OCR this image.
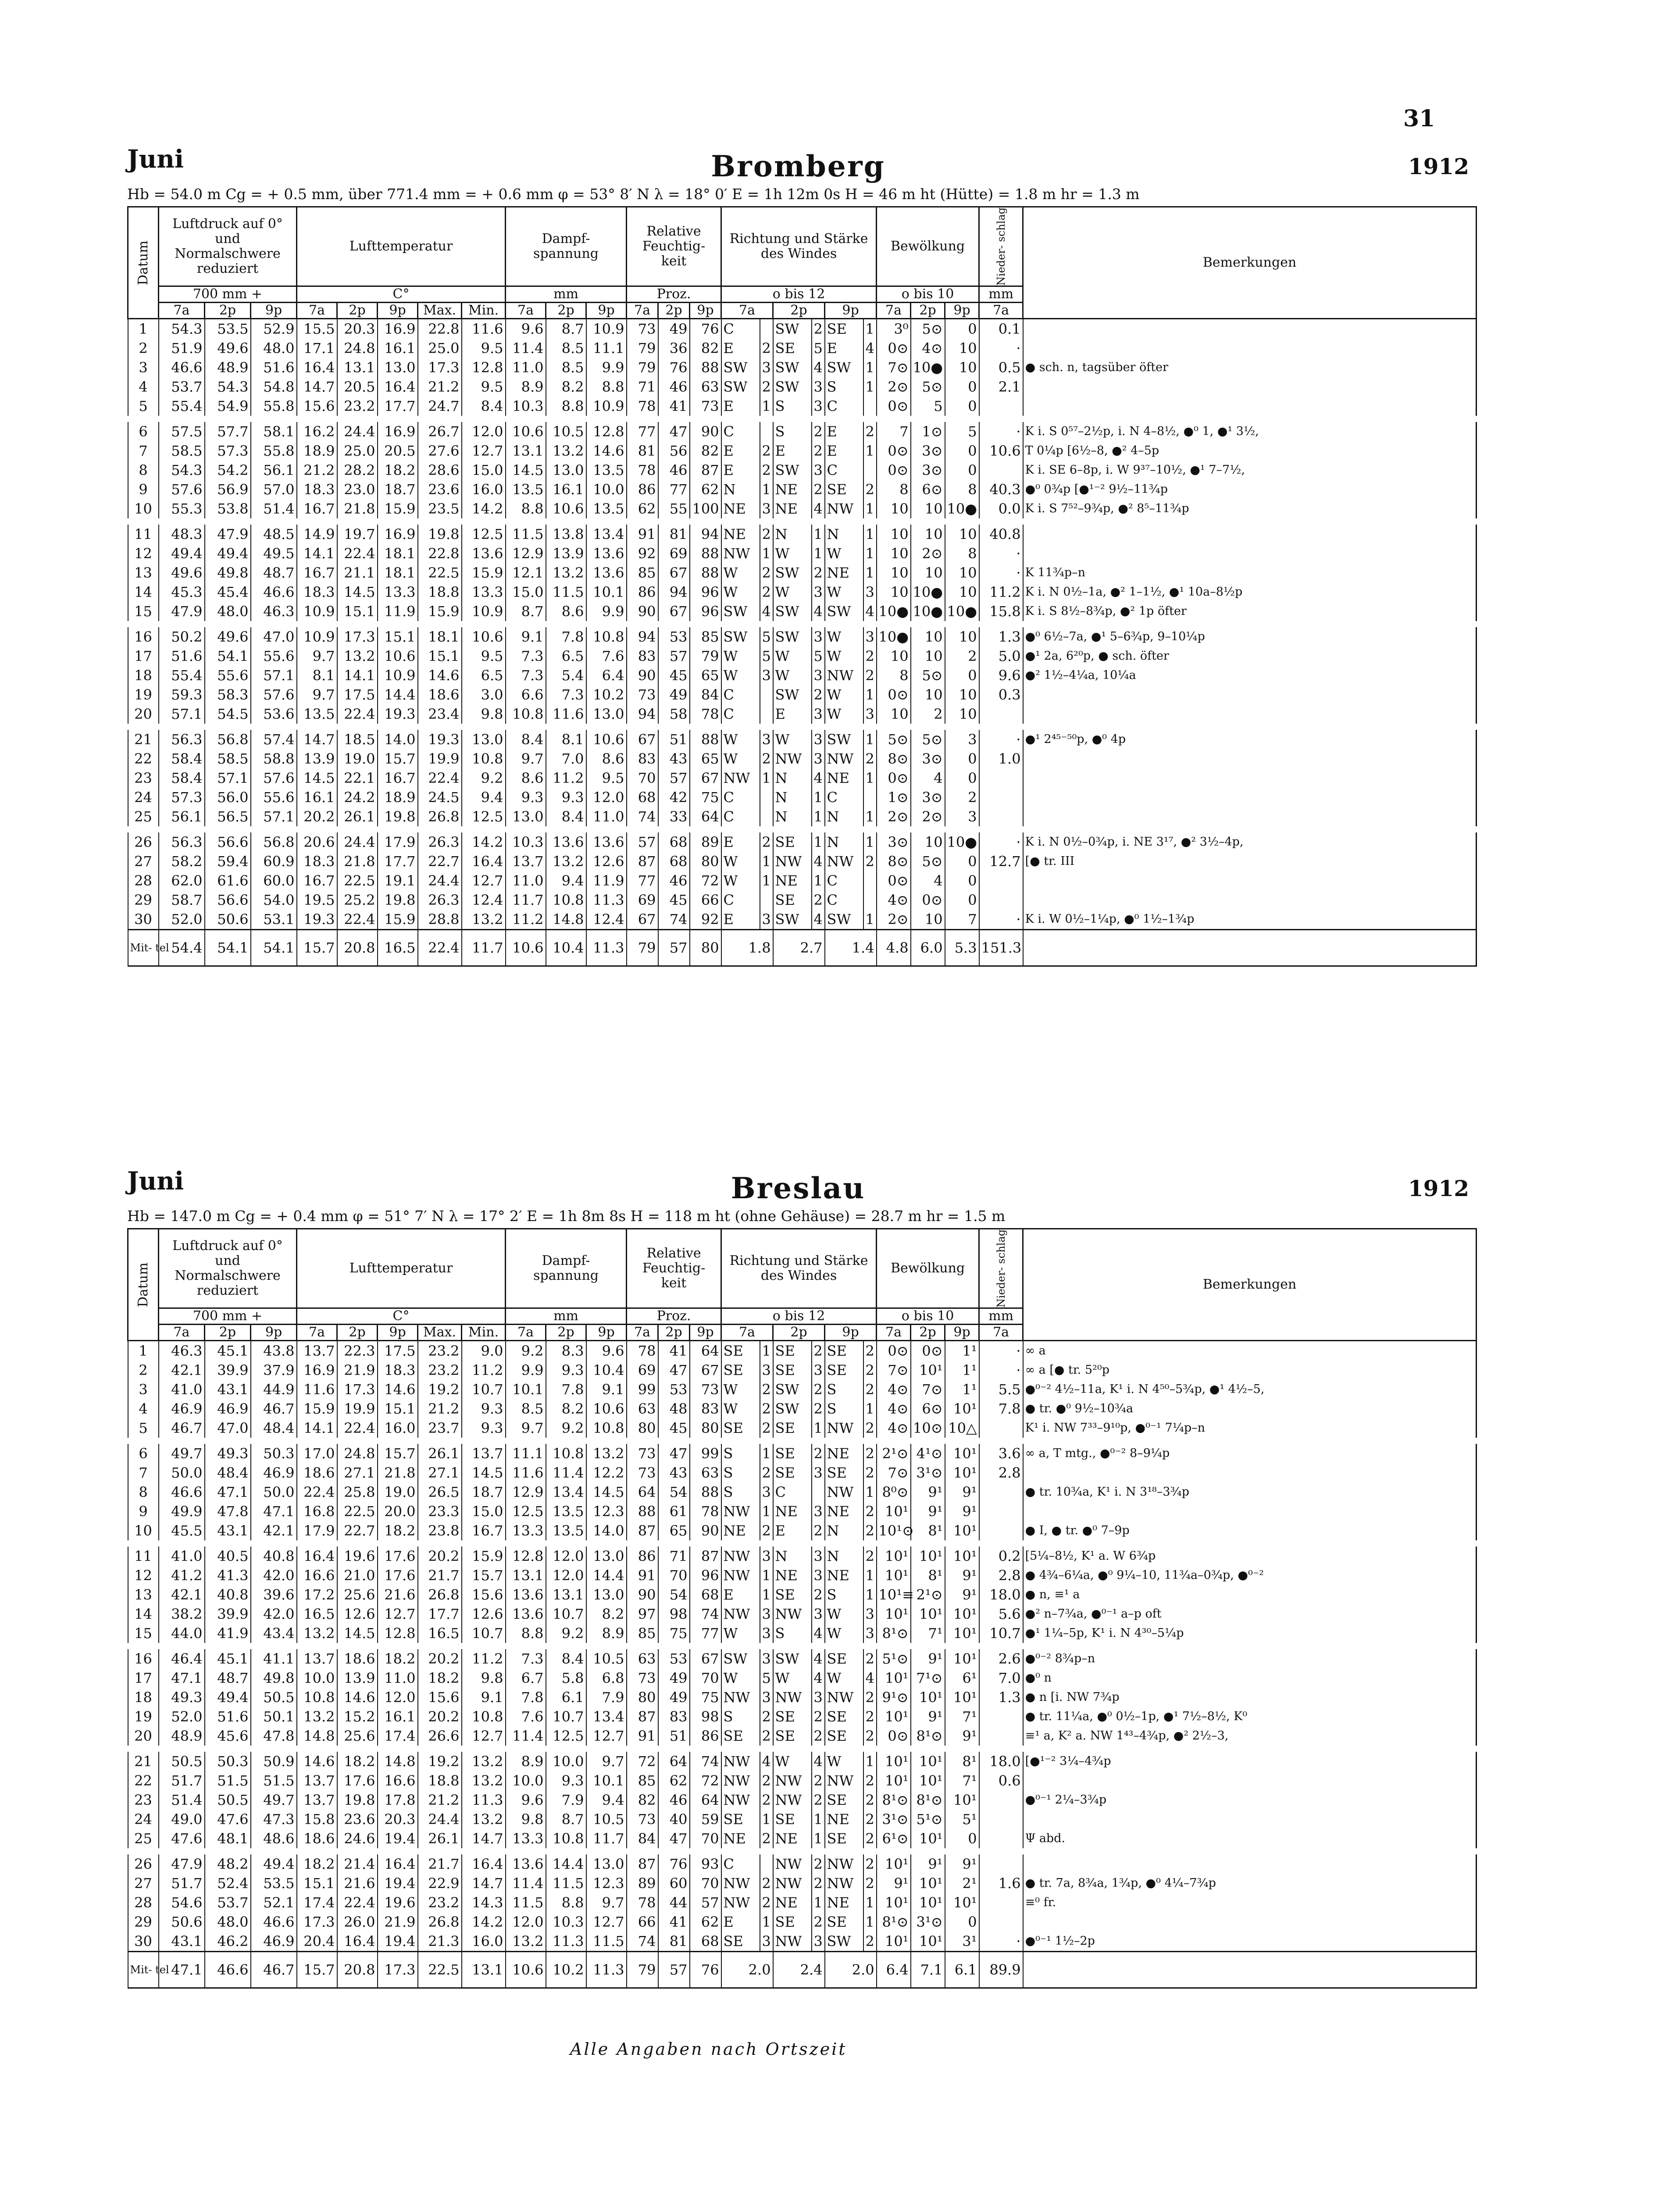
31
Juni	Bromberg	1912
Hb = 54.0 m Cg = + 0.5 mm, über 771.4 mm = + 0.6 mm φ = 53° 8′ N λ = 18° 0′ E = 1h 12m 0s H = 46 m ht (Hütte) = 1.8 m hr = 1.3 m
Datum	Luftdruck auf 0° und Normalschwere reduziert			Lufttemperatur					Dampf- spannung			Relative Feuchtig- keit			Richtung und Stärke des Windes						Bewölkung			Nieder- schlag	Bemerkungen
	700 mm +			C°					mm			Proz.			o bis 12						o bis 10			mm	
	7a	2p	9p	7a	2p	9p	Max.	Min.	7a	2p	9p	7a	2p	9p	7a		2p		9p		7a	2p	9p	7a	
1	54.3	53.5	52.9	15.5	20.3	16.9	22.8	11.6	9.6	8.7	10.9	73	49	76	C		SW	2	SE	1	3⁰	5⊙	0	0.1	
2	51.9	49.6	48.0	17.1	24.8	16.1	25.0	9.5	11.4	8.5	11.1	79	36	82	E	2	SE	5	E	4	0⊙	4⊙	10	·	
3	46.6	48.9	51.6	16.4	13.1	13.0	17.3	12.8	11.0	8.5	9.9	79	76	88	SW	3	SW	4	SW	1	7⊙	10●	10	0.5	● sch. n, tagsüber öfter
4	53.7	54.3	54.8	14.7	20.5	16.4	21.2	9.5	8.9	8.2	8.8	71	46	63	SW	2	SW	3	S	1	2⊙	5⊙	0	2.1	
5	55.4	54.9	55.8	15.6	23.2	17.7	24.7	8.4	10.3	8.8	10.9	78	41	73	E	1	S	3	C		0⊙	5	0		
6	57.5	57.7	58.1	16.2	24.4	16.9	26.7	12.0	10.6	10.5	12.8	77	47	90	C		S	2	E	2	7	1⊙	5	·	K i. S 0⁵⁷–2½p, i. N 4–8½, ●⁰ 1, ●¹ 3½,
7	58.5	57.3	55.8	18.9	25.0	20.5	27.6	12.7	13.1	13.2	14.6	81	56	82	E	2	E	2	E	1	0⊙	3⊙	0	10.6	T 0¼p [6½–8, ●² 4–5p
8	54.3	54.2	56.1	21.2	28.2	18.2	28.6	15.0	14.5	13.0	13.5	78	46	87	E	2	SW	3	C		0⊙	3⊙	0		K i. SE 6–8p, i. W 9³⁷–10½, ●¹ 7–7½,
9	57.6	56.9	57.0	18.3	23.0	18.7	23.6	16.0	13.5	16.1	10.0	86	77	62	N	1	NE	2	SE	2	8	6⊙	8	40.3	●⁰ 0¾p [●¹⁻² 9½–11¾p
10	55.3	53.8	51.4	16.7	21.8	15.9	23.5	14.2	8.8	10.6	13.5	62	55	100	NE	3	NE	4	NW	1	10	10	10●	0.0	K i. S 7⁵²–9¾p, ●² 8⁵–11¾p
11	48.3	47.9	48.5	14.9	19.7	16.9	19.8	12.5	11.5	13.8	13.4	91	81	94	NE	2	N	1	N	1	10	10	10	40.8	
12	49.4	49.4	49.5	14.1	22.4	18.1	22.8	13.6	12.9	13.9	13.6	92	69	88	NW	1	W	1	W	1	10	2⊙	8	·	
13	49.6	49.8	48.7	16.7	21.1	18.1	22.5	15.9	12.1	13.2	13.6	85	67	88	W	2	SW	2	NE	1	10	10	10	·	K 11¾p–n
14	45.3	45.4	46.6	18.3	14.5	13.3	18.8	13.3	15.0	11.5	10.1	86	94	96	W	2	W	3	W	3	10	10●	10	11.2	K i. N 0½–1a, ●² 1–1½, ●¹ 10a–8½p
15	47.9	48.0	46.3	10.9	15.1	11.9	15.9	10.9	8.7	8.6	9.9	90	67	96	SW	4	SW	4	SW	4	10●	10●	10●	15.8	K i. S 8½–8¾p, ●² 1p öfter
16	50.2	49.6	47.0	10.9	17.3	15.1	18.1	10.6	9.1	7.8	10.8	94	53	85	SW	5	SW	3	W	3	10●	10	10	1.3	●⁰ 6½–7a, ●¹ 5–6¾p, 9–10¼p
17	51.6	54.1	55.6	9.7	13.2	10.6	15.1	9.5	7.3	6.5	7.6	83	57	79	W	5	W	5	W	2	10	10	2	5.0	●¹ 2a, 6²⁰p, ● sch. öfter
18	55.4	55.6	57.1	8.1	14.1	10.9	14.6	6.5	7.3	5.4	6.4	90	45	65	W	3	W	3	NW	2	8	5⊙	0	9.6	●² 1½–4¼a, 10¼a
19	59.3	58.3	57.6	9.7	17.5	14.4	18.6	3.0	6.6	7.3	10.2	73	49	84	C		SW	2	W	1	0⊙	10	10	0.3	
20	57.1	54.5	53.6	13.5	22.4	19.3	23.4	9.8	10.8	11.6	13.0	94	58	78	C		E	3	W	3	10	2	10		
21	56.3	56.8	57.4	14.7	18.5	14.0	19.3	13.0	8.4	8.1	10.6	67	51	88	W	3	W	3	SW	1	5⊙	5⊙	3	·	●¹ 2⁴⁵⁻⁵⁰p, ●⁰ 4p
22	58.4	58.5	58.8	13.9	19.0	15.7	19.9	10.8	9.7	7.0	8.6	83	43	65	W	2	NW	3	NW	2	8⊙	3⊙	0	1.0	
23	58.4	57.1	57.6	14.5	22.1	16.7	22.4	9.2	8.6	11.2	9.5	70	57	67	NW	1	N	4	NE	1	0⊙	4	0		
24	57.3	56.0	55.6	16.1	24.2	18.9	24.5	9.4	9.3	9.3	12.0	68	42	75	C		N	1	C		1⊙	3⊙	2		
25	56.1	56.5	57.1	20.2	26.1	19.8	26.8	12.5	13.0	8.4	11.0	74	33	64	C		N	1	N	1	2⊙	2⊙	3		
26	56.3	56.6	56.8	20.6	24.4	17.9	26.3	14.2	10.3	13.6	13.6	57	68	89	E	2	SE	1	N	1	3⊙	10	10●	·	K i. N 0½–0¾p, i. NE 3¹⁷, ●² 3½–4p,
27	58.2	59.4	60.9	18.3	21.8	17.7	22.7	16.4	13.7	13.2	12.6	87	68	80	W	1	NW	4	NW	2	8⊙	5⊙	0	12.7	[● tr. III
28	62.0	61.6	60.0	16.7	22.5	19.1	24.4	12.7	11.0	9.4	11.9	77	46	72	W	1	NE	1	C		0⊙	4	0		
29	58.7	56.6	54.0	19.5	25.2	19.8	26.3	12.4	11.7	10.8	11.3	69	45	66	C		SE	2	C		4⊙	0⊙	0		
30	52.0	50.6	53.1	19.3	22.4	15.9	28.8	13.2	11.2	14.8	12.4	67	74	92	E	3	SW	4	SW	1	2⊙	10	7	·	K i. W 0½–1¼p, ●⁰ 1½–1¾p
Mit- tel	54.4	54.1	54.1	15.7	20.8	16.5	22.4	11.7	10.6	10.4	11.3	79	57	80	1.8		2.7		1.4		4.8	6.0	5.3	151.3	
Juni	Breslau	1912
Hb = 147.0 m Cg = + 0.4 mm φ = 51° 7′ N λ = 17° 2′ E = 1h 8m 8s H = 118 m ht (ohne Gehäuse) = 28.7 m hr = 1.5 m
Datum	Luftdruck auf 0° und Normalschwere reduziert			Lufttemperatur					Dampf- spannung			Relative Feuchtig- keit			Richtung und Stärke des Windes						Bewölkung			Nieder- schlag	Bemerkungen
	700 mm +			C°					mm			Proz.			o bis 12						o bis 10			mm	
	7a	2p	9p	7a	2p	9p	Max.	Min.	7a	2p	9p	7a	2p	9p	7a		2p		9p		7a	2p	9p	7a	
1	46.3	45.1	43.8	13.7	22.3	17.5	23.2	9.0	9.2	8.3	9.6	78	41	64	SE	1	SE	2	SE	2	0⊙	0⊙	1¹	·	∞ a
2	42.1	39.9	37.9	16.9	21.9	18.3	23.2	11.2	9.9	9.3	10.4	69	47	67	SE	3	SE	3	SE	2	7⊙	10¹	1¹	·	∞ a [● tr. 5²⁰p
3	41.0	43.1	44.9	11.6	17.3	14.6	19.2	10.7	10.1	7.8	9.1	99	53	73	W	2	SW	2	S	2	4⊙	7⊙	1¹	5.5	●⁰⁻² 4½–11a, K¹ i. N 4⁵⁰–5¾p, ●¹ 4½–5,
4	46.9	46.9	46.7	15.9	19.9	15.1	21.2	9.3	8.5	8.2	10.6	63	48	83	W	2	SW	2	S	1	4⊙	6⊙	10¹	7.8	● tr. ●⁰ 9½–10¾a
5	46.7	47.0	48.4	14.1	22.4	16.0	23.7	9.3	9.7	9.2	10.8	80	45	80	SE	2	SE	1	NW	2	4⊙	10⊙	10△		K¹ i. NW 7³³–9¹⁰p, ●⁰⁻¹ 7¼p–n
6	49.7	49.3	50.3	17.0	24.8	15.7	26.1	13.7	11.1	10.8	13.2	73	47	99	S	1	SE	2	NE	2	2¹⊙	4¹⊙	10¹	3.6	∞ a, T mtg., ●⁰⁻² 8–9¼p
7	50.0	48.4	46.9	18.6	27.1	21.8	27.1	14.5	11.6	11.4	12.2	73	43	63	S	2	SE	3	SE	2	7⊙	3¹⊙	10¹	2.8	
8	46.6	47.1	50.0	22.4	25.8	19.0	26.5	18.7	12.9	13.4	14.5	64	54	88	S	3	C		NW	1	8⁰⊙	9¹	9¹		● tr. 10¾a, K¹ i. N 3¹⁸–3¾p
9	49.9	47.8	47.1	16.8	22.5	20.0	23.3	15.0	12.5	13.5	12.3	88	61	78	NW	1	NE	3	NE	2	10¹	9¹	9¹		
10	45.5	43.1	42.1	17.9	22.7	18.2	23.8	16.7	13.3	13.5	14.0	87	65	90	NE	2	E	2	N	2	10¹⊙	8¹	10¹		● I, ● tr. ●⁰ 7–9p
11	41.0	40.5	40.8	16.4	19.6	17.6	20.2	15.9	12.8	12.0	13.0	86	71	87	NW	3	N	3	N	2	10¹	10¹	10¹	0.2	[5¼–8½, K¹ a. W 6¾p
12	41.2	41.3	42.0	16.6	21.0	17.6	21.7	15.7	13.1	12.0	14.4	91	70	96	NW	1	NE	3	NE	1	10¹	8¹	9¹	2.8	● 4¾–6¼a, ●⁰ 9¼–10, 11¾a–0¾p, ●⁰⁻²
13	42.1	40.8	39.6	17.2	25.6	21.6	26.8	15.6	13.6	13.1	13.0	90	54	68	E	1	SE	2	S	1	10¹≡	2¹⊙	9¹	18.0	● n, ≡¹ a
14	38.2	39.9	42.0	16.5	12.6	12.7	17.7	12.6	13.6	10.7	8.2	97	98	74	NW	3	NW	3	W	3	10¹	10¹	10¹	5.6	●² n–7¾a, ●⁰⁻¹ a–p oft
15	44.0	41.9	43.4	13.2	14.5	12.8	16.5	10.7	8.8	9.2	8.9	85	75	77	W	3	S	4	W	3	8¹⊙	7¹	10¹	10.7	●¹ 1¼–5p, K¹ i. N 4³⁰–5¼p
16	46.4	45.1	41.1	13.7	18.6	18.2	20.2	11.2	7.3	8.4	10.5	63	53	67	SW	3	SW	4	SE	2	5¹⊙	9¹	10¹	2.6	●⁰⁻² 8¾p–n
17	47.1	48.7	49.8	10.0	13.9	11.0	18.2	9.8	6.7	5.8	6.8	73	49	70	W	5	W	4	W	4	10¹	7¹⊙	6¹	7.0	●⁰ n
18	49.3	49.4	50.5	10.8	14.6	12.0	15.6	9.1	7.8	6.1	7.9	80	49	75	NW	3	NW	3	NW	2	9¹⊙	10¹	10¹	1.3	● n [i. NW 7¾p
19	52.0	51.6	50.1	13.2	15.2	16.1	20.2	10.8	7.6	10.7	13.4	87	83	98	S	2	SE	2	SE	2	10¹	9¹	7¹		● tr. 11¼a, ●⁰ 0½–1p, ●¹ 7½–8½, K⁰
20	48.9	45.6	47.8	14.8	25.6	17.4	26.6	12.7	11.4	12.5	12.7	91	51	86	SE	2	SE	2	SE	2	0⊙	8¹⊙	9¹		≡¹ a, K² a. NW 1⁴³–4¾p, ●² 2½–3,
21	50.5	50.3	50.9	14.6	18.2	14.8	19.2	13.2	8.9	10.0	9.7	72	64	74	NW	4	W	4	W	1	10¹	10¹	8¹	18.0	[●¹⁻² 3¼–4¾p
22	51.7	51.5	51.5	13.7	17.6	16.6	18.8	13.2	10.0	9.3	10.1	85	62	72	NW	2	NW	2	NW	2	10¹	10¹	7¹	0.6	
23	51.4	50.5	49.7	13.7	19.8	17.8	21.2	11.3	9.6	7.9	9.4	82	46	64	NW	2	NW	2	SE	2	8¹⊙	8¹⊙	10¹		●⁰⁻¹ 2¼–3¾p
24	49.0	47.6	47.3	15.8	23.6	20.3	24.4	13.2	9.8	8.7	10.5	73	40	59	SE	1	SE	1	NE	2	3¹⊙	5¹⊙	5¹		
25	47.6	48.1	48.6	18.6	24.6	19.4	26.1	14.7	13.3	10.8	11.7	84	47	70	NE	2	NE	1	SE	2	6¹⊙	10¹	0		Ψ abd.
26	47.9	48.2	49.4	18.2	21.4	16.4	21.7	16.4	13.6	14.4	13.0	87	76	93	C		NW	2	NW	2	10¹	9¹	9¹		
27	51.7	52.4	53.5	15.1	21.6	19.4	22.9	14.7	11.4	11.5	12.3	89	60	70	NW	2	NW	2	NW	2	9¹	10¹	2¹	1.6	● tr. 7a, 8¾a, 1¾p, ●⁰ 4¼–7¾p
28	54.6	53.7	52.1	17.4	22.4	19.6	23.2	14.3	11.5	8.8	9.7	78	44	57	NW	2	NE	1	NE	1	10¹	10¹	10¹		≡⁰ fr.
29	50.6	48.0	46.6	17.3	26.0	21.9	26.8	14.2	12.0	10.3	12.7	66	41	62	E	1	SE	2	SE	1	8¹⊙	3¹⊙	0		
30	43.1	46.2	46.9	20.4	16.4	19.4	21.3	16.0	13.2	11.3	11.5	74	81	68	SE	3	NW	3	SW	2	10¹	10¹	3¹	·	●⁰⁻¹ 1½–2p
Mit- tel	47.1	46.6	46.7	15.7	20.8	17.3	22.5	13.1	10.6	10.2	11.3	79	57	76	2.0		2.4		2.0		6.4	7.1	6.1	89.9	
Alle Angaben nach Ortszeit
